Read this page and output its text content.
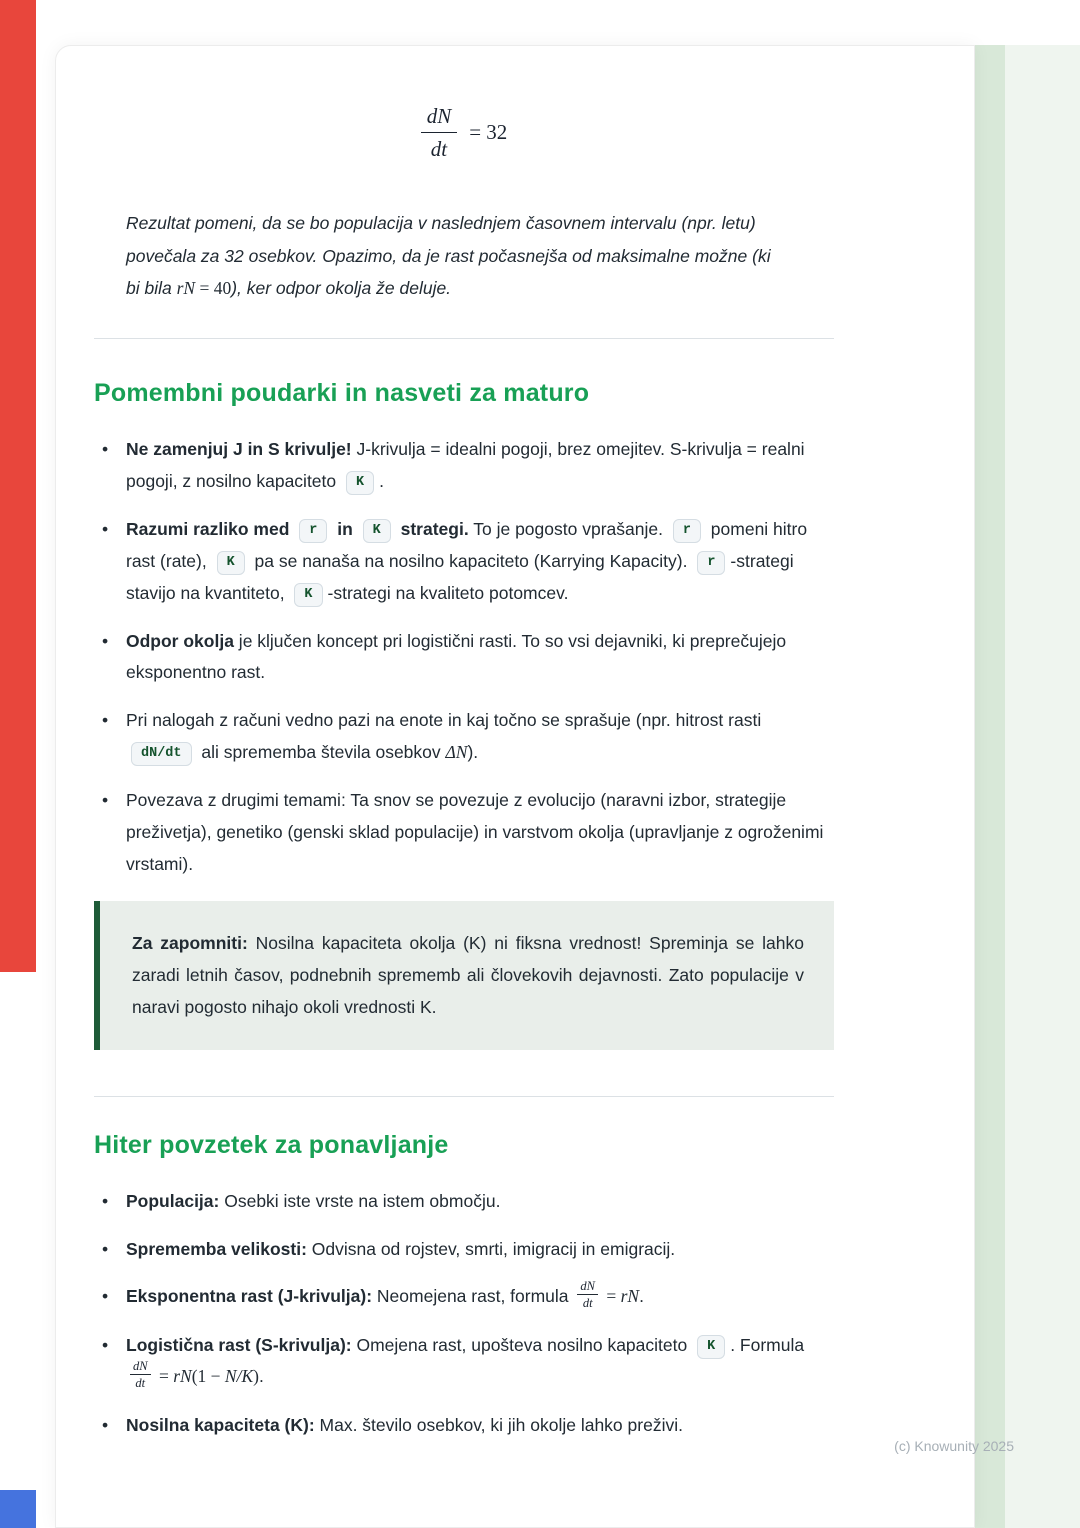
$\frac{dN}{dt} = 32$

Rezultat pomeni, da se bo populacija v naslednjem časovnem intervalu (npr. letu) povečala za 32 osebkov. Opazimo, da je rast počasnejša od maksimalne možne (ki bi bila rN = 40), ker odpor okolja že deluje.

Pomembni poudarki in nasveti za maturo
• Ne zamenjuj J in S krivulje! J-krivulja = idealni pogoji, brez omejitev. S-krivulja = realni pogoji, z nosilno kapaciteto K .
• Razumi razliko med r in K strategi. To je pogosto vprašanje. r pomeni hitro rast (rate), K pa se nanaša na nosilno kapaciteto (Karrying Kapacity). r -strategi stavijo na kvantiteto, K -strategi na kvaliteto potomcev.
• Odpor okolja je ključen koncept pri logistični rasti. To so vsi dejavniki, ki preprečujejo eksponentno rast.
• Pri nalogah z računi vedno pazi na enote in kaj točno se sprašuje (npr. hitrost rasti dN/dt ali sprememba števila osebkov ΔN).
• Povezava z drugimi temami: Ta snov se povezuje z evolucijo (naravni izbor, strategije preživetja), genetiko (genski sklad populacije) in varstvom okolja (upravljanje z ogroženimi vrstami).

Za zapomniti: Nosilna kapaciteta okolja (K) ni fiksna vrednost! Spreminja se lahko zaradi letnih časov, podnebnih sprememb ali človekovih dejavnosti. Zato populacije v naravi pogosto nihajo okoli vrednosti K.

Hiter povzetek za ponavljanje
• Populacija: Osebki iste vrste na istem območju.
• Sprememba velikosti: Odvisna od rojstev, smrti, imigracij in emigracij.
• Eksponentna rast (J-krivulja): Neomejena rast, formula $\frac{dN}{dt}$ = rN.
• Logistična rast (S-krivulja): Omejena rast, upošteva nosilno kapaciteto K . Formula
$\frac{dN}{dt} = rN(1 - N/K)$.
• Nosilna kapaciteta (K): Max. število osebkov, ki jih okolje lahko preživi.
(c) Knowunity 2025
